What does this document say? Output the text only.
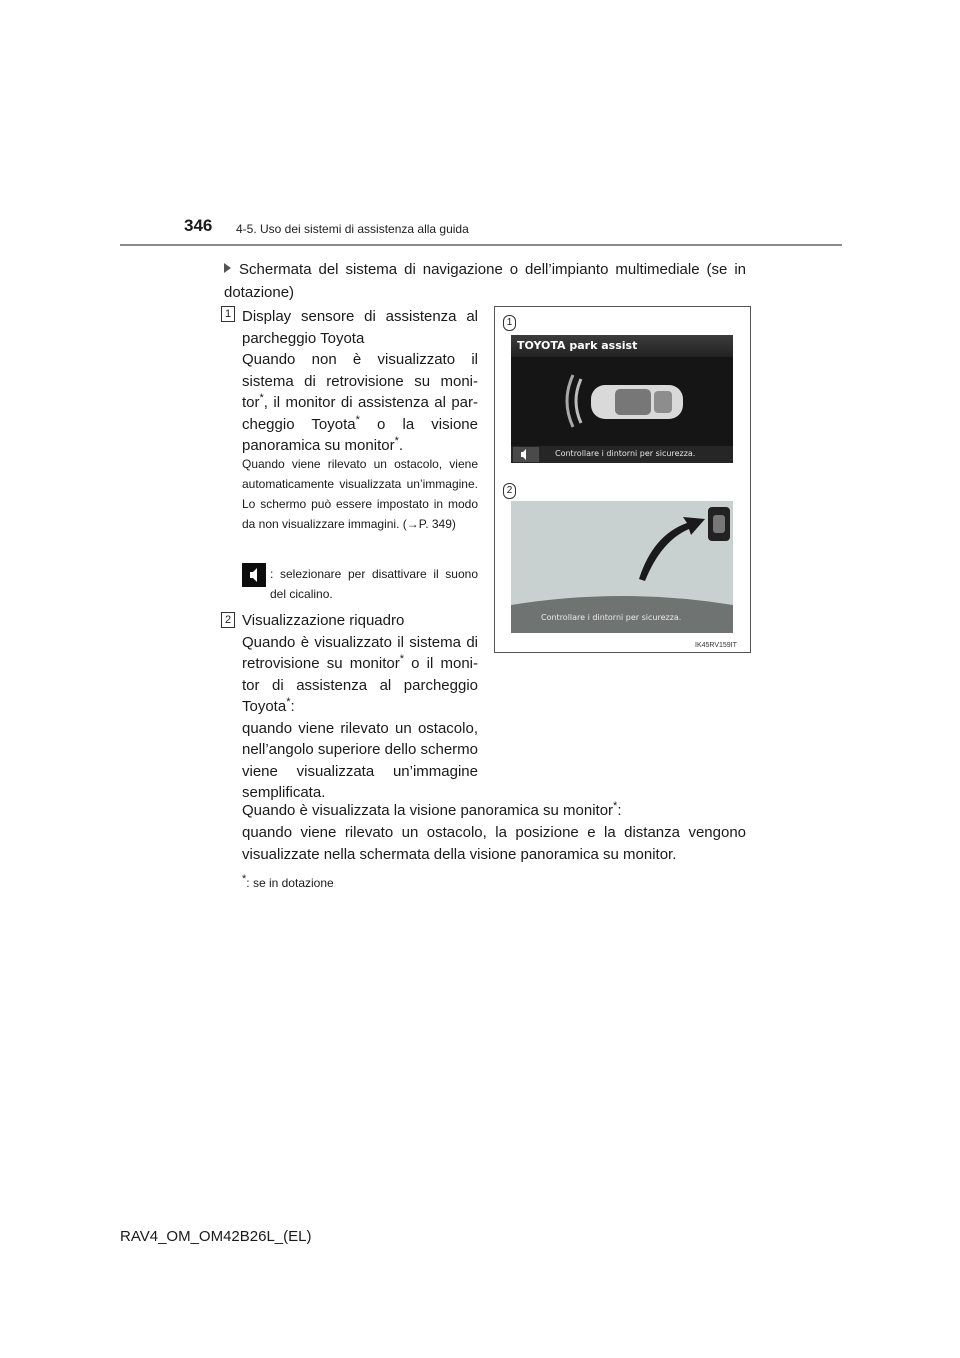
346 4-5. Uso dei sistemi di assistenza alla guida
Schermata del sistema di navigazione o dell’impianto multimediale (se in dotazione)
1 Display sensore di assistenza al parcheggio Toyota
Quando non è visualizzato il sistema di retrovisione su moni-tor*, il monitor di assistenza al par-cheggio Toyota* o la visione panoramica su monitor*.
Quando viene rilevato un ostacolo, viene automaticamente visualizzata un’immagine. Lo schermo può essere impostato in modo da non visualizzare immagini. (→P. 349)
: selezionare per disattivare il suono del cicalino.
2 Visualizzazione riquadro
Quando è visualizzato il sistema di retrovisione su monitor* o il moni-tor di assistenza al parcheggio Toyota*:
quando viene rilevato un ostacolo, nell’angolo superiore dello schermo viene visualizzata un’immagine semplificata.
Quando è visualizzata la visione panoramica su monitor*:
quando viene rilevato un ostacolo, la posizione e la distanza vengono visualizzate nella schermata della visione panoramica su monitor.
*: se in dotazione
1
TOYOTA park assist
Controllare i dintorni per sicurezza.
2
Controllare i dintorni per sicurezza.
IK45RV159IT
RAV4_OM_OM42B26L_(EL)
